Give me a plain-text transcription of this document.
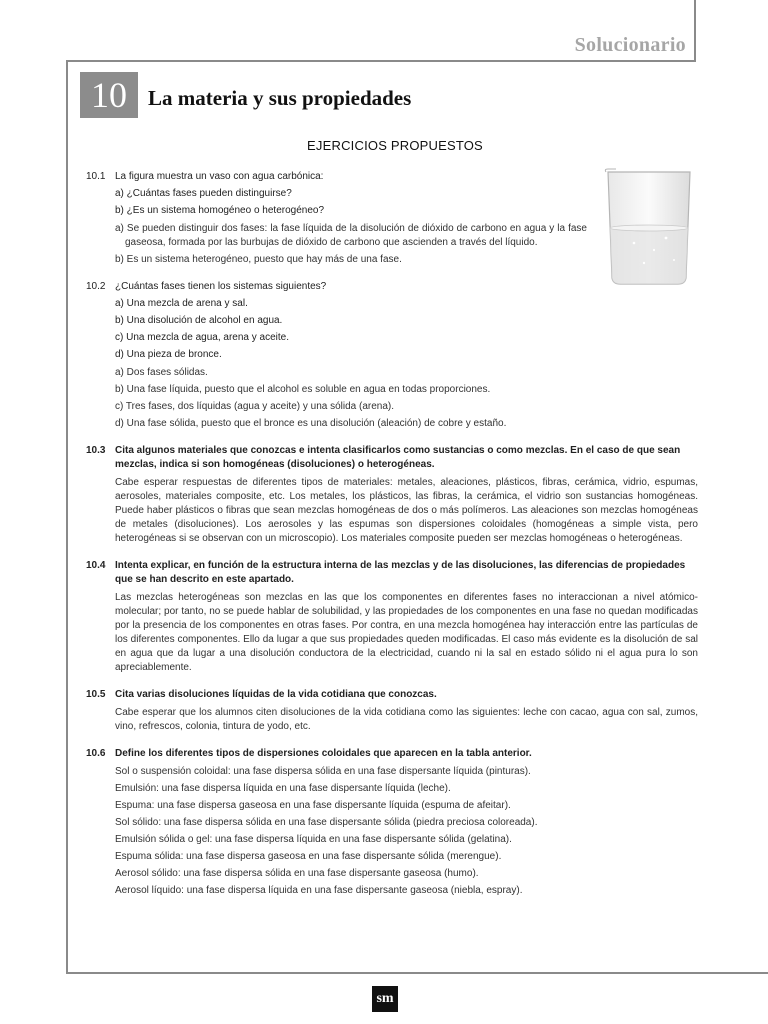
Solucionario
10	La materia y sus propiedades
EJERCICIOS PROPUESTOS
10.1 La figura muestra un vaso con agua carbónica:
a) ¿Cuántas fases pueden distinguirse?
b) ¿Es un sistema homogéneo o heterogéneo?
a) Se pueden distinguir dos fases: la fase líquida de la disolución de dióxido de carbono en agua y la fase gaseosa, formada por las burbujas de dióxido de carbono que ascienden a través del líquido.
b) Es un sistema heterogéneo, puesto que hay más de una fase.
10.2 ¿Cuántas fases tienen los sistemas siguientes?
a) Una mezcla de arena y sal.
b) Una disolución de alcohol en agua.
c) Una mezcla de agua, arena y aceite.
d) Una pieza de bronce.
a) Dos fases sólidas.
b) Una fase líquida, puesto que el alcohol es soluble en agua en todas proporciones.
c) Tres fases, dos líquidas (agua y aceite) y una sólida (arena).
d) Una fase sólida, puesto que el bronce es una disolución (aleación) de cobre y estaño.
10.3 Cita algunos materiales que conozcas e intenta clasificarlos como sustancias o como mezclas. En el caso de que sean mezclas, indica si son homogéneas (disoluciones) o heterogéneas.
Cabe esperar respuestas de diferentes tipos de materiales: metales, aleaciones, plásticos, fibras, cerámica, vidrio, espumas, aerosoles, materiales composite, etc. Los metales, los plásticos, las fibras, la cerámica, el vidrio son sustancias homogéneas. Puede haber plásticos o fibras que sean mezclas homogéneas de dos o más polímeros. Las aleaciones son mezclas homogéneas de metales (disoluciones). Los aerosoles y las espumas son dispersiones coloidales (homogéneas a simple vista, pero heterogéneas si se observan con un microscopio). Los materiales composite pueden ser mezclas homogéneas o heterogéneas.
10.4 Intenta explicar, en función de la estructura interna de las mezclas y de las disoluciones, las diferencias de propiedades que se han descrito en este apartado.
Las mezclas heterogéneas son mezclas en las que los componentes en diferentes fases no interaccionan a nivel atómico-molecular; por tanto, no se puede hablar de solubilidad, y las propiedades de los componentes en una fase no quedan modificadas por la presencia de los componentes en otras fases. Por contra, en una mezcla homogénea hay interacción entre las partículas de los diferentes componentes. Ello da lugar a que sus propiedades queden modificadas. El caso más evidente es la disolución de sal en agua que da lugar a una disolución conductora de la electricidad, cuando ni la sal en estado sólido ni el agua pura lo son apreciablemente.
10.5 Cita varias disoluciones líquidas de la vida cotidiana que conozcas.
Cabe esperar que los alumnos citen disoluciones de la vida cotidiana como las siguientes: leche con cacao, agua con sal, zumos, vino, refrescos, colonia, tintura de yodo, etc.
10.6 Define los diferentes tipos de dispersiones coloidales que aparecen en la tabla anterior.
Sol o suspensión coloidal: una fase dispersa sólida en una fase dispersante líquida (pinturas).
Emulsión: una fase dispersa líquida en una fase dispersante líquida (leche).
Espuma: una fase dispersa gaseosa en una fase dispersante líquida (espuma de afeitar).
Sol sólido: una fase dispersa sólida en una fase dispersante sólida (piedra preciosa coloreada).
Emulsión sólida o gel: una fase dispersa líquida en una fase dispersante sólida (gelatina).
Espuma sólida: una fase dispersa gaseosa en una fase dispersante sólida (merengue).
Aerosol sólido: una fase dispersa sólida en una fase dispersante gaseosa (humo).
Aerosol líquido: una fase dispersa líquida en una fase dispersante gaseosa (niebla, espray).
sm
